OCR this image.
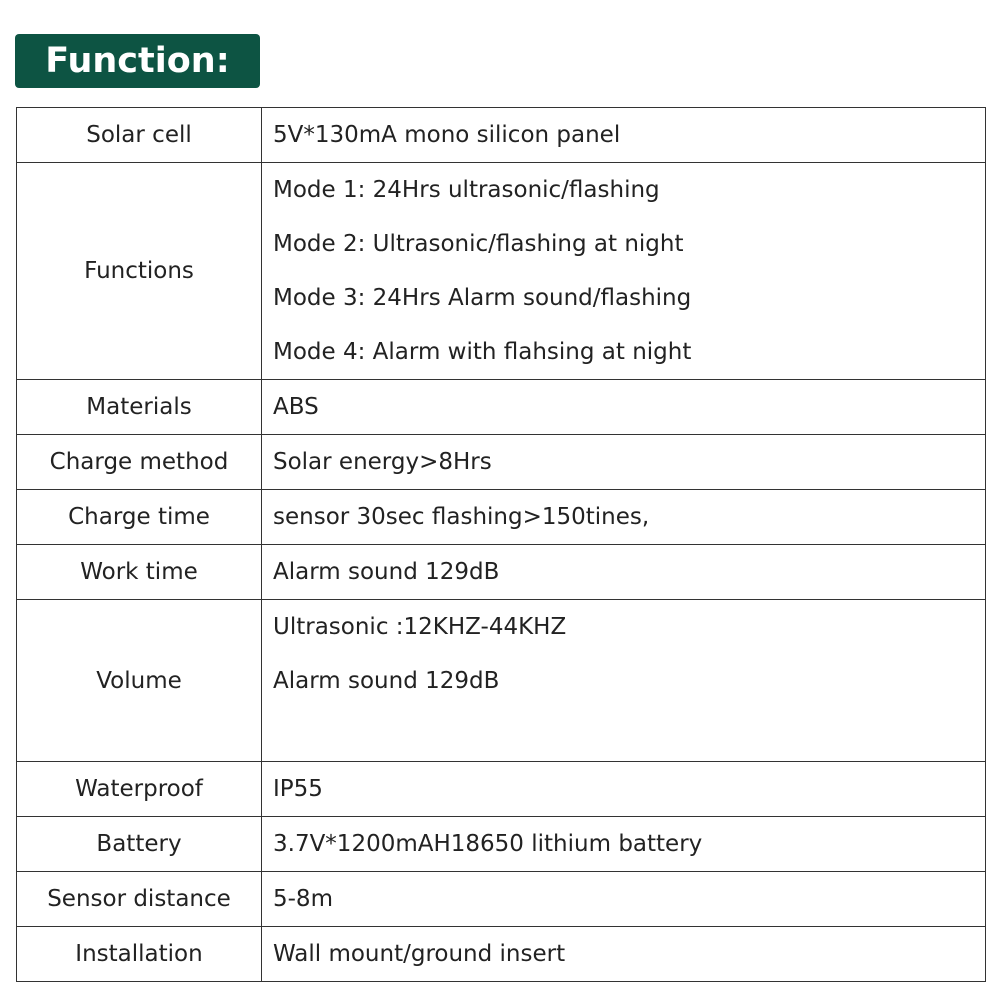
Function:
Solar cell	5V*130mA mono silicon panel

Functions	Mode 1: 24Hrs ultrasonic/flashing
Mode 2: Ultrasonic/flashing at night
Mode 3: 24Hrs Alarm sound/flashing
Mode 4: Alarm with flahsing at night

Materials	ABS

Charge method	Solar energy>8Hrs

Charge time	sensor 30sec flashing>150tines,

Work time	Alarm sound 129dB

Volume	Ultrasonic :12KHZ-44KHZ
Alarm sound 129dB

Waterproof	IP55

Battery	3.7V*1200mAH18650 lithium battery

Sensor distance	5-8m

Installation	Wall mount/ground insert
